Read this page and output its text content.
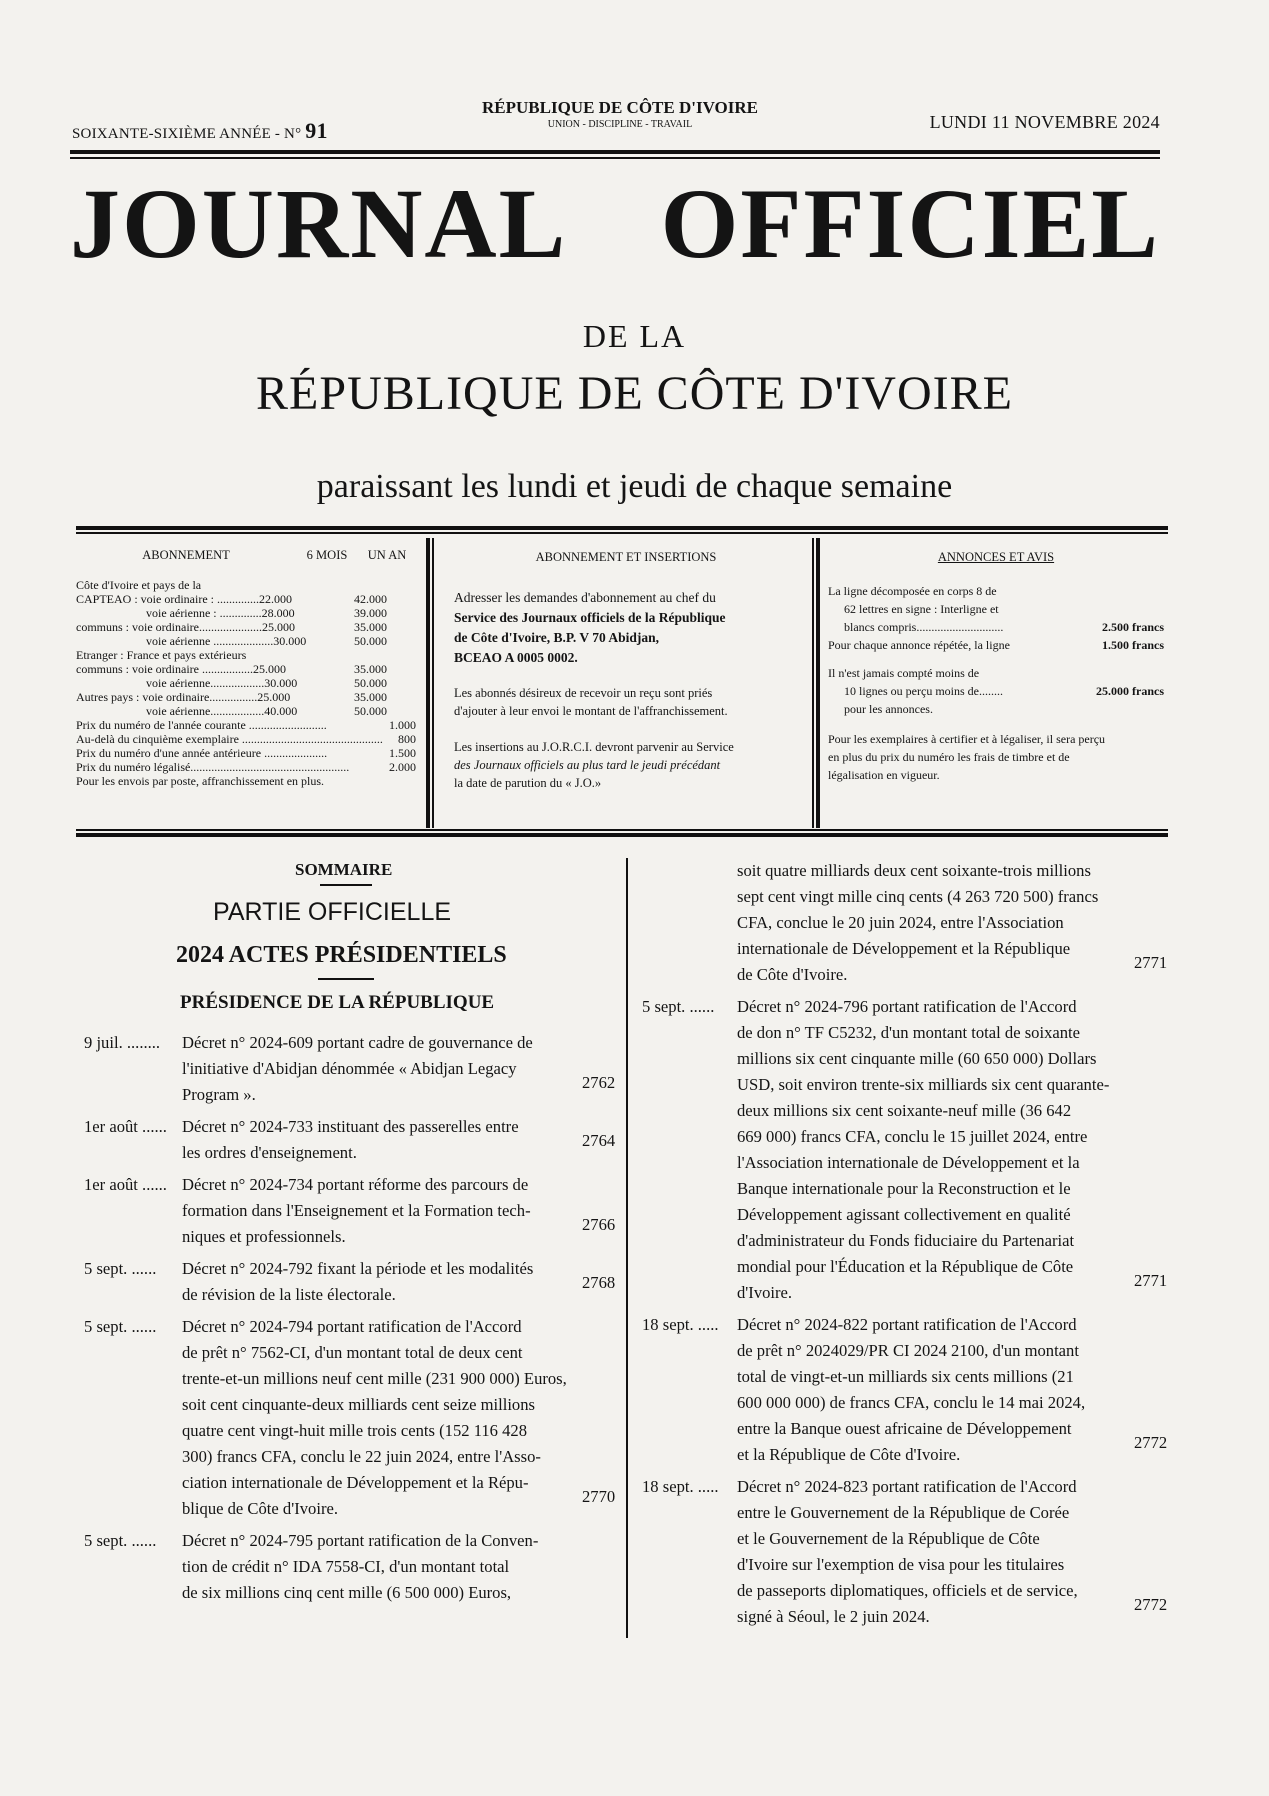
SOIXANTE-SIXIÈME ANNÉE - N° 91
RÉPUBLIQUE DE CÔTE D'IVOIRE
UNION - DISCIPLINE - TRAVAIL	LUNDI 11 NOVEMBRE 2024
JOURNAL OFFICIEL
DE LA
RÉPUBLIQUE DE CÔTE D'IVOIRE
paraissant les lundi et jeudi de chaque semaine
ABONNEMENT	6 MOIS	UN AN
Côte d'Ivoire et pays de la
CAPTEAO : voie ordinaire : ..............22.000	42.000
voie aérienne : ..............28.000	39.000
communs : voie ordinaire.....................25.000	35.000
voie aérienne ....................30.000	50.000
Etranger : France et pays extérieurs
communs : voie ordinaire .................25.000	35.000
voie aérienne..................30.000	50.000
Autres pays : voie ordinaire................25.000	35.000
voie aérienne..................40.000	50.000
Prix du numéro de l'année courante ..........................	1.000
Au-delà du cinquième exemplaire ............................................... 800
Prix du numéro d'une année antérieure .....................	1.500
Prix du numéro légalisé.....................................................	2.000
Pour les envois par poste, affranchissement en plus.
ABONNEMENT ET INSERTIONS
Adresser les demandes d'abonnement au chef du
Service des Journaux officiels de la République
de Côte d'Ivoire, B.P. V 70 Abidjan,
BCEAO A 0005 0002.
Les abonnés désireux de recevoir un reçu sont priés
d'ajouter à leur envoi le montant de l'affranchissement.
Les insertions au J.O.R.C.I. devront parvenir au Service
des Journaux officiels au plus tard le jeudi précédant
la date de parution du « J.O.»
ANNONCES ET AVIS
La ligne décomposée en corps 8 de
62 lettres en signe : Interligne et
blancs compris.............................	2.500 francs
Pour chaque annonce répétée, la ligne	1.500 francs
Il n'est jamais compté moins de
10 lignes ou perçu moins de........	25.000 francs
pour les annonces.
Pour les exemplaires à certifier et à légaliser, il sera perçu
en plus du prix du numéro les frais de timbre et de
légalisation en vigueur.
SOMMAIRE
PARTIE OFFICIELLE
2024 ACTES PRÉSIDENTIELS
PRÉSIDENCE DE LA RÉPUBLIQUE
9 juil. ........ Décret n° 2024-609 portant cadre de gouvernance de
l'initiative d'Abidjan dénommée « Abidjan Legacy
Program ».
2762
1er août ...... Décret n° 2024-733 instituant des passerelles entre
les ordres d'enseignement.
2764
1er août ...... Décret n° 2024-734 portant réforme des parcours de
formation dans l'Enseignement et la Formation tech-
niques et professionnels.
2766
5 sept. ...... Décret n° 2024-792 fixant la période et les modalités
de révision de la liste électorale.
2768
5 sept. ...... Décret n° 2024-794 portant ratification de l'Accord
de prêt n° 7562-CI, d'un montant total de deux cent
trente-et-un millions neuf cent mille (231 900 000) Euros,
soit cent cinquante-deux milliards cent seize millions
quatre cent vingt-huit mille trois cents (152 116 428
300) francs CFA, conclu le 22 juin 2024, entre l'Asso-
ciation internationale de Développement et la Répu-
blique de Côte d'Ivoire.
2770
5 sept. ...... Décret n° 2024-795 portant ratification de la Conven-
tion de crédit n° IDA 7558-CI, d'un montant total
de six millions cinq cent mille (6 500 000) Euros,
soit quatre milliards deux cent soixante-trois millions
sept cent vingt mille cinq cents (4 263 720 500) francs
CFA, conclue le 20 juin 2024, entre l'Association
internationale de Développement et la République
de Côte d'Ivoire.
2771
5 sept. ...... Décret n° 2024-796 portant ratification de l'Accord
de don n° TF C5232, d'un montant total de soixante
millions six cent cinquante mille (60 650 000) Dollars
USD, soit environ trente-six milliards six cent quarante-
deux millions six cent soixante-neuf mille (36 642
669 000) francs CFA, conclu le 15 juillet 2024, entre
l'Association internationale de Développement et la
Banque internationale pour la Reconstruction et le
Développement agissant collectivement en qualité
d'administrateur du Fonds fiduciaire du Partenariat
mondial pour l'Éducation et la République de Côte
d'Ivoire.
2771
18 sept. ..... Décret n° 2024-822 portant ratification de l'Accord
de prêt n° 2024029/PR CI 2024 2100, d'un montant
total de vingt-et-un milliards six cents millions (21
600 000 000) de francs CFA, conclu le 14 mai 2024,
entre la Banque ouest africaine de Développement
et la République de Côte d'Ivoire.
2772
18 sept. ..... Décret n° 2024-823 portant ratification de l'Accord
entre le Gouvernement de la République de Corée
et le Gouvernement de la République de Côte
d'Ivoire sur l'exemption de visa pour les titulaires
de passeports diplomatiques, officiels et de service,
signé à Séoul, le 2 juin 2024.
2772
